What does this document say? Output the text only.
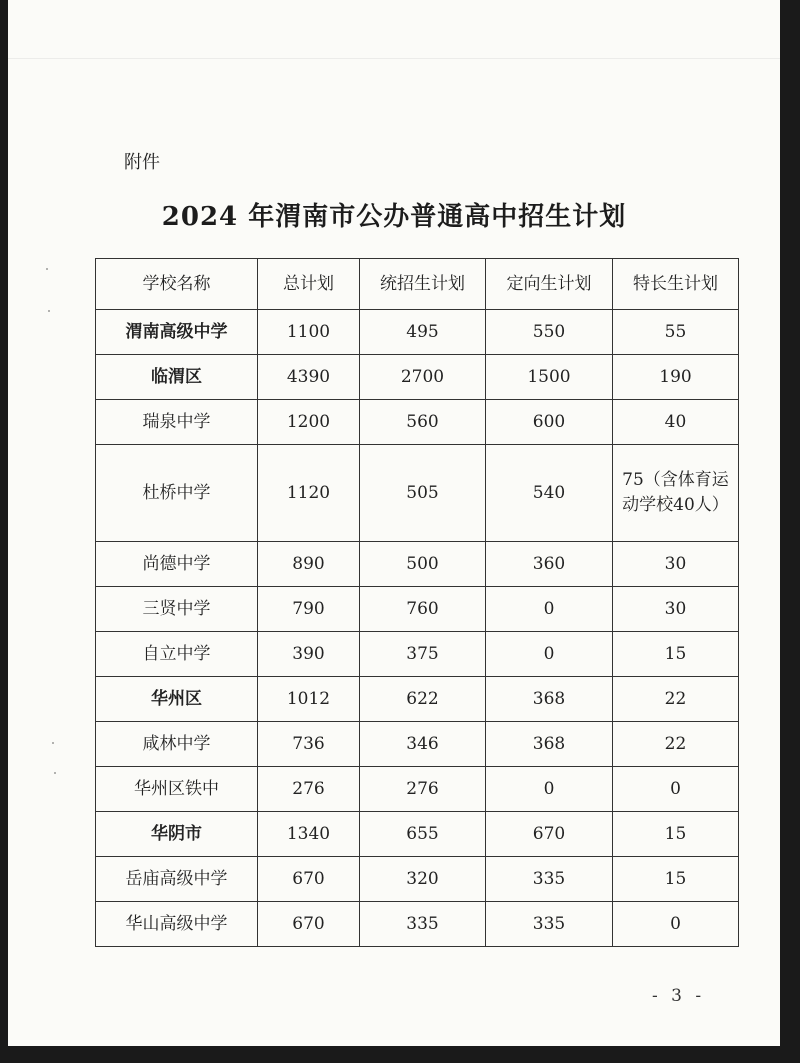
附件
2024 年渭南市公办普通高中招生计划
学校名称	总计划	统招生计划	定向生计划	特长生计划
渭南高级中学	1100	495	550	55
临渭区	4390	2700	1500	190
瑞泉中学	1200	560	600	40
杜桥中学	1120	505	540	75（含体育运动学校40人）
尚德中学	890	500	360	30
三贤中学	790	760	0	30
自立中学	390	375	0	15
华州区	1012	622	368	22
咸林中学	736	346	368	22
华州区铁中	276	276	0	0
华阴市	1340	655	670	15
岳庙高级中学	670	320	335	15
华山高级中学	670	335	335	0
- 3 -
